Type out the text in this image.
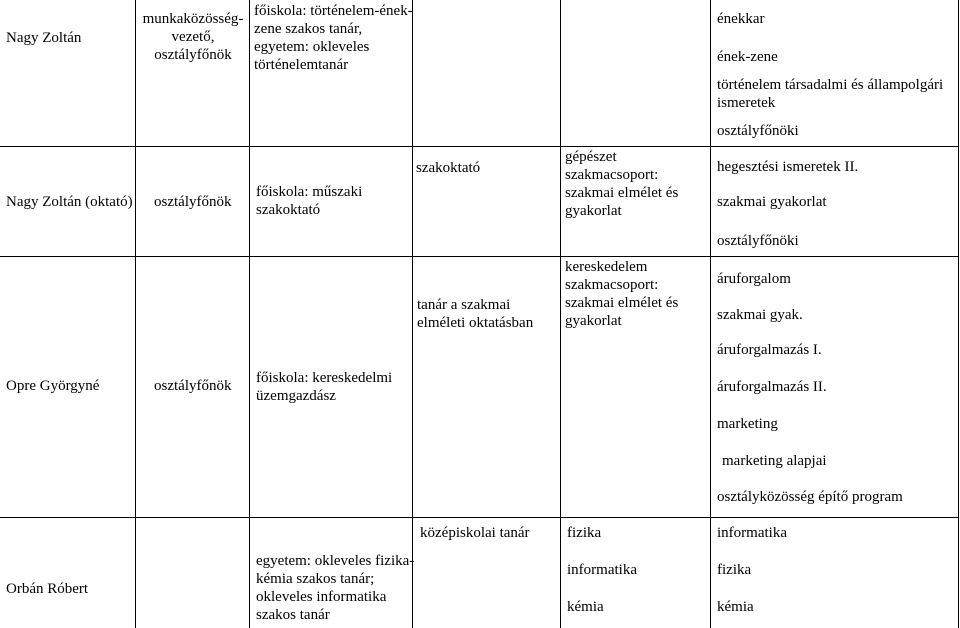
Nagy Zoltán
munkaközösség-
vezető,
osztályfőnök
főiskola: történelem-ének-
zene szakos tanár,
egyetem: okleveles
történelemtanár
énekkar
ének-zene
történelem társadalmi és állampolgári
ismeretek
osztályfőnöki
Nagy Zoltán (oktató) osztályfőnök
főiskola: műszaki
szakoktató
szakoktató
gépészet
szakmacsoport:
szakmai elmélet és
gyakorlat
hegesztési ismeretek II.
szakmai gyakorlat
osztályfőnöki
Opre Györgyné	osztályfőnök főiskola: kereskedelmi
üzemgazdász
tanár a szakmai
elméleti oktatásban
kereskedelem
szakmacsoport:
szakmai elmélet és
gyakorlat
áruforgalom
szakmai gyak.
áruforgalmazás I.
áruforgalmazás II.
marketing
marketing alapjai
osztályközösség építő program
Orbán Róbert
egyetem: okleveles fizika-
kémia szakos tanár;
okleveles informatika
szakos tanár
középiskolai tanár fizika
informatika
kémia
informatika
fizika
kémia
